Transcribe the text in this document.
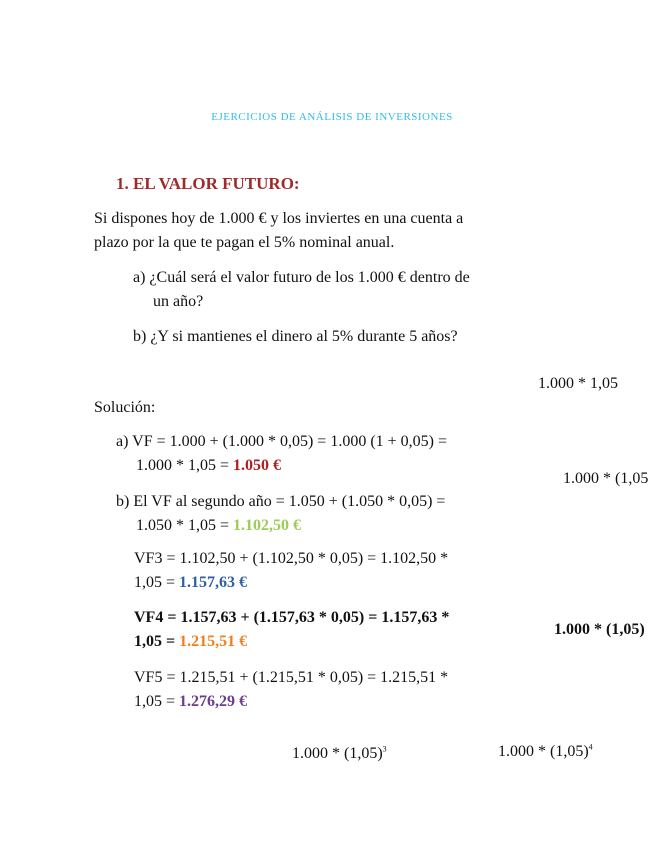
EJERCICIOS DE ANÁLISIS DE INVERSIONES
1. EL VALOR FUTURO:
Si dispones hoy de 1.000 € y los inviertes en una cuenta a
plazo por la que te pagan el 5% nominal anual.
a) ¿Cuál será el valor futuro de los 1.000 € dentro de
un año?
b) ¿Y si mantienes el dinero al 5% durante 5 años?
1.000 * 1,05
Solución:
a) VF = 1.000 + (1.000 * 0,05) = 1.000 (1 + 0,05) =
1.000 * 1,05 = 1.050 €
1.000 * (1,05
b) El VF al segundo año = 1.050 + (1.050 * 0,05) =
1.050 * 1,05 = 1.102,50 €
VF3 = 1.102,50 + (1.102,50 * 0,05) = 1.102,50 *
1,05 = 1.157,63 €
VF4 = 1.157,63 + (1.157,63 * 0,05) = 1.157,63 *
1,05 = 1.215,51 €
1.000 * (1,05)
VF5 = 1.215,51 + (1.215,51 * 0,05) = 1.215,51 *
1,05 = 1.276,29 €
$1.000 * (1,05)^3$	$1.000 * (1,05)^4$
